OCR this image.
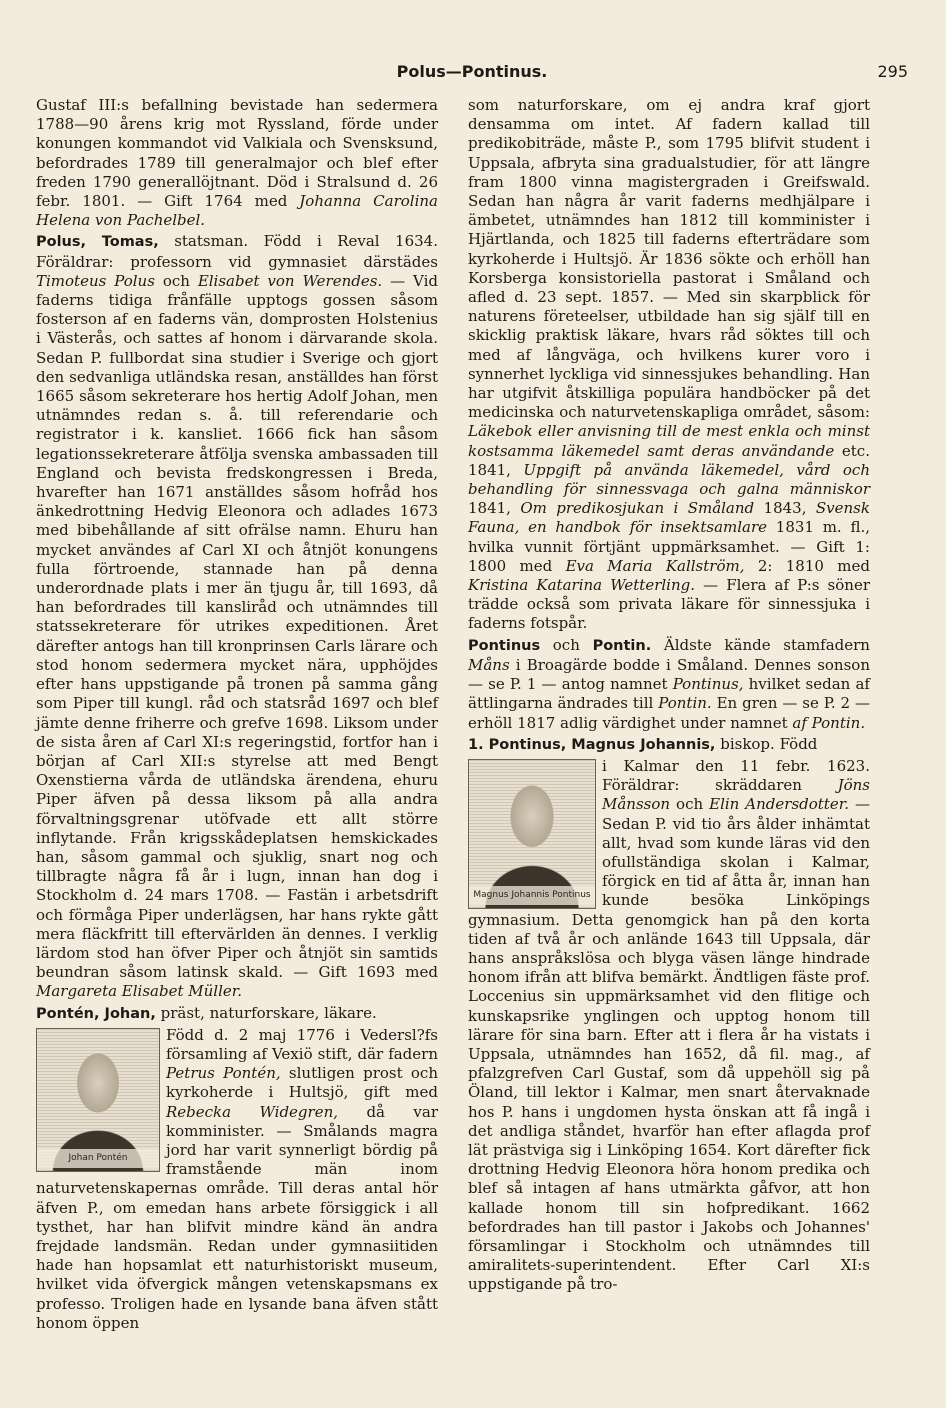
Polus—Pontinus.	295

Gustaf III:s befallning bevistade han sedermera 1788—90 årens krig mot Ryssland, förde under konungen kommandot vid Valkiala och Svensksund, befordrades 1789 till generalmajor och blef efter freden 1790 generallöjtnant. Död i Stralsund d. 26 febr. 1801. — Gift 1764 med Johanna Carolina Helena von Pachelbel.

Polus, Tomas, statsman. Född i Reval 1634. Föräldrar: professorn vid gymnasiet därstädes Timoteus Polus och Elisabet von Werendes. — Vid faderns tidiga frånfälle upptogs gossen såsom fosterson af en faderns vän, domprosten Holstenius i Västerås, och sattes af honom i därvarande skola. Sedan P. fullbordat sina studier i Sverige och gjort den sedvanliga utländska resan, anställdes han först 1665 såsom sekreterare hos hertig Adolf Johan, men utnämndes redan s. å. till referendarie och registrator i k. kansliet. 1666 fick han såsom legationssekreterare åtfölja svenska ambassaden till England och bevista fredskongressen i Breda, hvarefter han 1671 anställdes såsom hofråd hos änkedrottning Hedvig Eleonora och adlades 1673 med bibehållande af sitt ofrälse namn. Ehuru han mycket användes af Carl XI och åtnjöt konungens fulla förtroende, stannade han på denna underordnade plats i mer än tjugu år, till 1693, då han befordrades till kansliråd och utnämndes till statssekreterare för utrikes expeditionen. Året därefter antogs han till kronprinsen Carls lärare och stod honom sedermera mycket nära, upphöjdes efter hans uppstigande på tronen på samma gång som Piper till kungl. råd och statsråd 1697 och blef jämte denne friherre och grefve 1698. Liksom under de sista åren af Carl XI:s regeringstid, fortfor han i början af Carl XII:s styrelse att med Bengt Oxenstierna vårda de utländska ärendena, ehuru Piper äfven på dessa liksom på alla andra förvaltningsgrenar utöfvade ett allt större inflytande. Från krigsskådeplatsen hemskickades han, såsom gammal och sjuklig, snart nog och tillbragte några få år i lugn, innan han dog i Stockholm d. 24 mars 1708. — Fastän i arbetsdrift och förmåga Piper underlägsen, har hans rykte gått mera fläckfritt till eftervärlden än dennes. I verklig lärdom stod han öfver Piper och åtnjöt sin samtids beundran såsom latinsk skald. — Gift 1693 med Margareta Elisabet Müller.

Pontén, Johan, präst, naturforskare, läkare.

Johan Pontén
Född d. 2 maj 1776 i Vedersl?fs församling af Vexiö stift, där fadern Petrus Pontén, slutligen prost och kyrkoherde i Hultsjö, gift med Rebecka Widegren, då var komminister. — Smålands magra jord har varit synnerligt bördig på framstående män inom naturvetenskapernas område. Till deras antal hör äfven P., om emedan hans arbete försiggick i all tysthet, har han blifvit mindre känd än andra frejdade landsmän. Redan under gymnasiitiden hade han hopsamlat ett naturhistoriskt museum, hvilket vida öfvergick mången vetenskapsmans ex professo. Troligen hade en lysande bana äfven stått honom öppen

som naturforskare, om ej andra kraf gjort densamma om intet. Af fadern kallad till predikobiträde, måste P., som 1795 blifvit student i Uppsala, afbryta sina gradualstudier, för att längre fram 1800 vinna magistergraden i Greifswald. Sedan han några år varit faderns medhjälpare i ämbetet, utnämndes han 1812 till komminister i Hjärtlanda, och 1825 till faderns efterträdare som kyrkoherde i Hultsjö. Är 1836 sökte och erhöll han Korsberga konsistoriella pastorat i Småland och afled d. 23 sept. 1857. — Med sin skarpblick för naturens företeelser, utbildade han sig själf till en skicklig praktisk läkare, hvars råd söktes till och med af långväga, och hvilkens kurer voro i synnerhet lyckliga vid sinnessjukes behandling. Han har utgifvit åtskilliga populära handböcker på det medicinska och naturvetenskapliga området, såsom: Läkebok eller anvisning till de mest enkla och minst kostsamma läkemedel samt deras användande etc. 1841, Uppgift på använda läkemedel, vård och behandling för sinnessvaga och galna människor 1841, Om predikosjukan i Småland 1843, Svensk Fauna, en handbok för insektsamlare 1831 m. fl., hvilka vunnit förtjänt uppmärksamhet. — Gift 1: 1800 med Eva Maria Kallström, 2: 1810 med Kristina Katarina Wetterling. — Flera af P:s söner trädde också som privata läkare för sinnessjuka i faderns fotspår.

Pontinus och Pontin. Äldste kände stamfadern Måns i Broagärde bodde i Småland. Dennes sonson — se P. 1 — antog namnet Pontinus, hvilket sedan af ättlingarna ändrades till Pontin. En gren — se P. 2 — erhöll 1817 adlig värdighet under namnet af Pontin.

1. Pontinus, Magnus Johannis, biskop. Född

Magnus Johannis Pontinus
i Kalmar den 11 febr. 1623. Föräldrar: skräddaren Jöns Månsson och Elin Andersdotter. — Sedan P. vid tio års ålder inhämtat allt, hvad som kunde läras vid den ofullständiga skolan i Kalmar, förgick en tid af åtta år, innan han kunde besöka Linköpings gymnasium. Detta genomgick han på den korta tiden af två år och anlände 1643 till Uppsala, där hans anspråkslösa och blyga väsen länge hindrade honom ifrån att blifva bemärkt. Ändtligen fäste prof. Loccenius sin uppmärksamhet vid den flitige och kunskapsrike ynglingen och upptog honom till lärare för sina barn. Efter att i flera år ha vistats i Uppsala, utnämndes han 1652, då fil. mag., af pfalzgrefven Carl Gustaf, som då uppehöll sig på Öland, till lektor i Kalmar, men snart återvaknade hos P. hans i ungdomen hysta önskan att få ingå i det andliga ståndet, hvarför han efter aflagda prof lät prästviga sig i Linköping 1654. Kort därefter fick drottning Hedvig Eleonora höra honom predika och blef så intagen af hans utmärkta gåfvor, att hon kallade honom till sin hofpredikant. 1662 befordrades han till pastor i Jakobs och Johannes' församlingar i Stockholm och utnämndes till amiralitets-superintendent. Efter Carl XI:s uppstigande på tro-
